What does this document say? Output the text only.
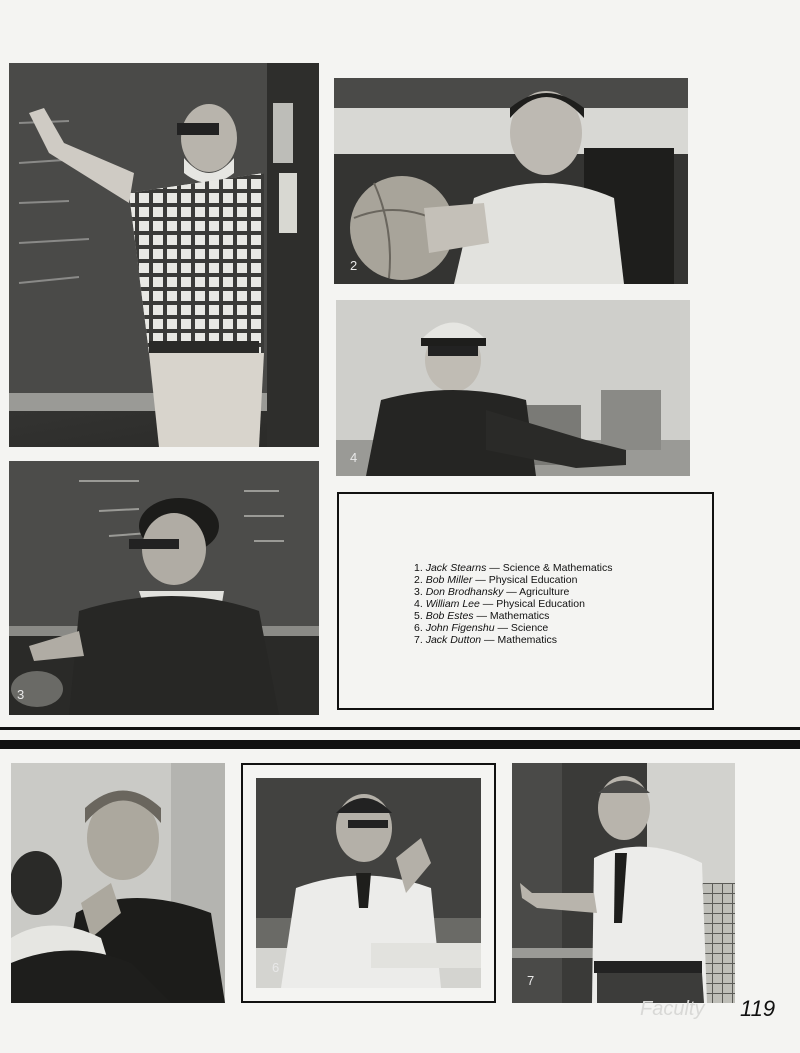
2
4
3
1. Jack Stearns — Science & Mathematics
2. Bob Miller — Physical Education
3. Don Brodhansky — Agriculture
4. William Lee — Physical Education
5. Bob Estes — Mathematics
6. John Figenshu — Science
7. Jack Dutton — Mathematics
6
7
Faculty 119
